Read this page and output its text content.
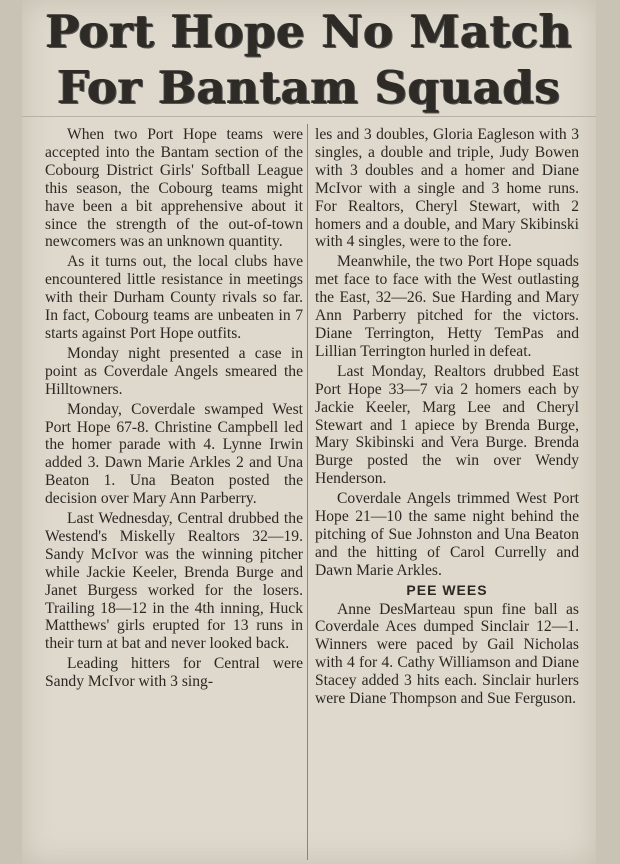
Port Hope No Match
For Bantam Squads

When two Port Hope teams were accepted into the Bantam section of the Cobourg District Girls' Softball League this season, the Cobourg teams might have been a bit apprehensive about it since the strength of the out-of-town newcomers was an unknown quantity.

As it turns out, the local clubs have encountered little resistance in meetings with their Durham County rivals so far. In fact, Cobourg teams are unbeaten in 7 starts against Port Hope outfits.

Monday night presented a case in point as Coverdale Angels smeared the Hilltowners.

Monday, Coverdale swamped West Port Hope 67-8. Christine Campbell led the homer parade with 4. Lynne Irwin added 3. Dawn Marie Arkles 2 and Una Beaton 1. Una Beaton posted the decision over Mary Ann Parberry.

Last Wednesday, Central drubbed the Westend's Miskelly Realtors 32—19. Sandy McIvor was the winning pitcher while Jackie Keeler, Brenda Burge and Janet Burgess worked for the losers. Trailing 18—12 in the 4th inning, Huck Matthews' girls erupted for 13 runs in their turn at bat and never looked back.

Leading hitters for Central were Sandy McIvor with 3 sing-

les and 3 doubles, Gloria Eagleson with 3 singles, a double and triple, Judy Bowen with 3 doubles and a homer and Diane McIvor with a single and 3 home runs. For Realtors, Cheryl Stewart, with 2 homers and a double, and Mary Skibinski with 4 singles, were to the fore.

Meanwhile, the two Port Hope squads met face to face with the West outlasting the East, 32—26. Sue Harding and Mary Ann Parberry pitched for the victors. Diane Terrington, Hetty TemPas and Lillian Terrington hurled in defeat.

Last Monday, Realtors drubbed East Port Hope 33—7 via 2 homers each by Jackie Keeler, Marg Lee and Cheryl Stewart and 1 apiece by Brenda Burge, Mary Skibinski and Vera Burge. Brenda Burge posted the win over Wendy Henderson.

Coverdale Angels trimmed West Port Hope 21—10 the same night behind the pitching of Sue Johnston and Una Beaton and the hitting of Carol Currelly and Dawn Marie Arkles.

PEE WEES

Anne DesMarteau spun fine ball as Coverdale Aces dumped Sinclair 12—1. Winners were paced by Gail Nicholas with 4 for 4. Cathy Williamson and Diane Stacey added 3 hits each. Sinclair hurlers were Diane Thompson and Sue Ferguson.
